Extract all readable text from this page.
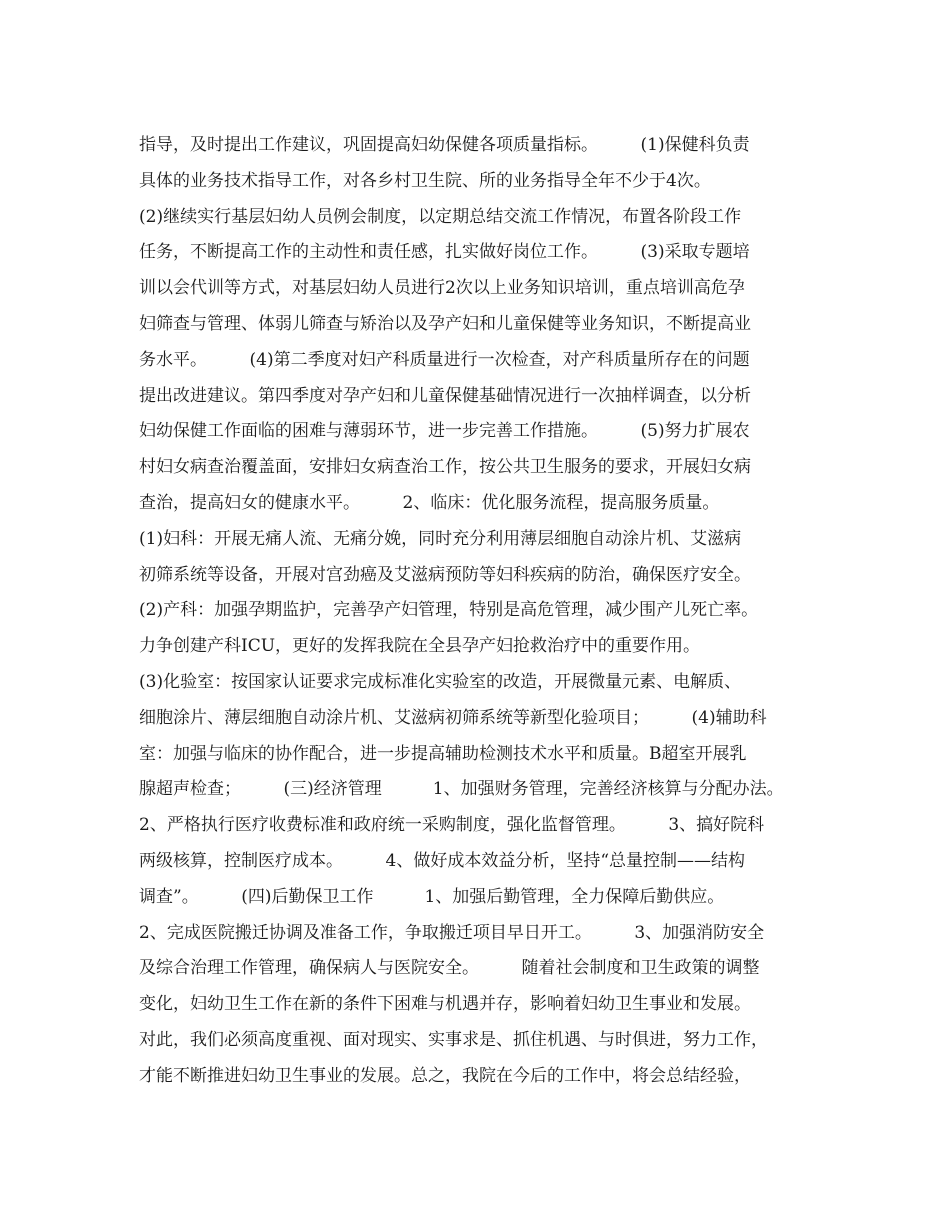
指导，及时提出工作建议，巩固提高妇幼保健各项质量指标。　　　(1)保健科负责
具体的业务技术指导工作，对各乡村卫生院、所的业务指导全年不少于4次。
(2)继续实行基层妇幼人员例会制度，以定期总结交流工作情况，布置各阶段工作
任务，不断提高工作的主动性和责任感，扎实做好岗位工作。　　　(3)采取专题培
训以会代训等方式，对基层妇幼人员进行2次以上业务知识培训，重点培训高危孕
妇筛查与管理、体弱儿筛查与矫治以及孕产妇和儿童保健等业务知识，不断提高业
务水平。　　　(4)第二季度对妇产科质量进行一次检查，对产科质量所存在的问题
提出改进建议。第四季度对孕产妇和儿童保健基础情况进行一次抽样调查，以分析
妇幼保健工作面临的困难与薄弱环节，进一步完善工作措施。　　　(5)努力扩展农
村妇女病查治覆盖面，安排妇女病查治工作，按公共卫生服务的要求，开展妇女病
查治，提高妇女的健康水平。　　　2、临床：优化服务流程，提高服务质量。
(1)妇科：开展无痛人流、无痛分娩，同时充分利用薄层细胞自动涂片机、艾滋病
初筛系统等设备，开展对宫劲癌及艾滋病预防等妇科疾病的防治，确保医疗安全。
(2)产科：加强孕期监护，完善孕产妇管理，特别是高危管理，减少围产儿死亡率。
力争创建产科ICU，更好的发挥我院在全县孕产妇抢救治疗中的重要作用。
(3)化验室：按国家认证要求完成标准化实验室的改造，开展微量元素、电解质、
细胞涂片、薄层细胞自动涂片机、艾滋病初筛系统等新型化验项目；　　　(4)辅助科
室：加强与临床的协作配合，进一步提高辅助检测技术水平和质量。B超室开展乳
腺超声检查；　　　(三)经济管理　　　1、加强财务管理，完善经济核算与分配办法。
2、严格执行医疗收费标准和政府统一采购制度，强化监督管理。　　　3、搞好院科
两级核算，控制医疗成本。　　　4、做好成本效益分析，坚持“总量控制——结构
调查”。　　　(四)后勤保卫工作　　　1、加强后勤管理，全力保障后勤供应。
2、完成医院搬迁协调及准备工作，争取搬迁项目早日开工。　　　3、加强消防安全
及综合治理工作管理，确保病人与医院安全。　　　随着社会制度和卫生政策的调整
变化，妇幼卫生工作在新的条件下困难与机遇并存，影响着妇幼卫生事业和发展。
对此，我们必须高度重视、面对现实、实事求是、抓住机遇、与时俱进，努力工作，
才能不断推进妇幼卫生事业的发展。总之，我院在今后的工作中，将会总结经验，
